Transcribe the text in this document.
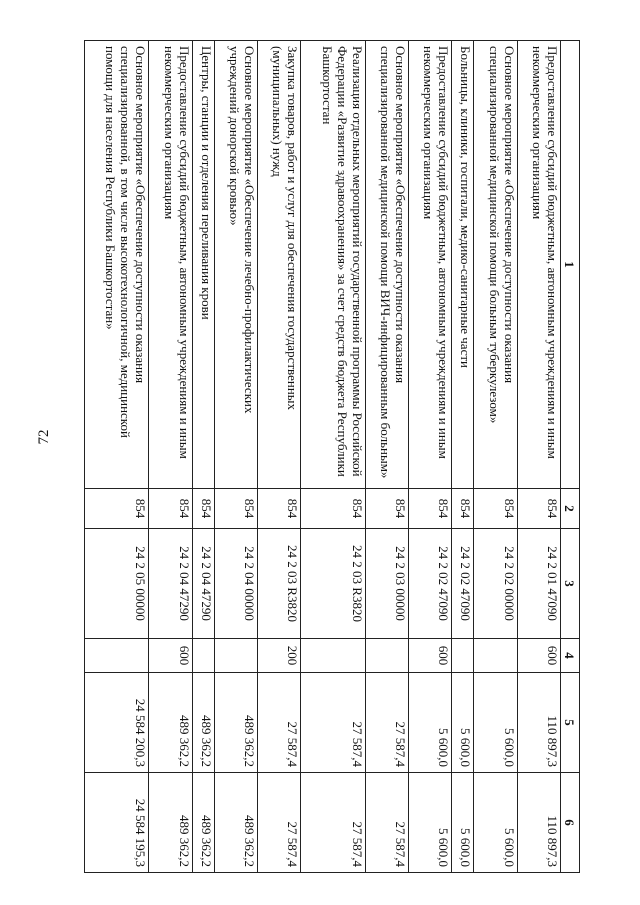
72
1	2	3	4	5	6
Предоставление субсидий бюджетным, автономным учреждениям и иным некоммерческим организациям	854	24 2 01 47090	600	110 897,3	110 897,3
Основное мероприятие «Обеспечение доступности оказания специализированной медицинской помощи больным туберкулезом»	854	24 2 02 00000		5 600,0	5 600,0
Больницы, клиники, госпитали, медико-санитарные части	854	24 2 02 47090		5 600,0	5 600,0
Предоставление субсидий бюджетным, автономным учреждениям и иным некоммерческим организациям	854	24 2 02 47090	600	5 600,0	5 600,0
Основное мероприятие «Обеспечение доступности оказания специализированной медицинской помощи ВИЧ-инфицированным больным»	854	24 2 03 00000		27 587,4	27 587,4
Реализация отдельных мероприятий государственной программы Российской Федерации «Развитие здравоохранения» за счет средств бюджета Республики Башкортостан	854	24 2 03 R3820		27 587,4	27 587,4
Закупка товаров, работ и услуг для обеспечения государственных (муниципальных) нужд	854	24 2 03 R3820	200	27 587,4	27 587,4
Основное мероприятие «Обеспечение лечебно-профилактических учреждений донорской кровью»	854	24 2 04 00000		489 362,2	489 362,2
Центры, станции и отделения переливания крови	854	24 2 04 47290		489 362,2	489 362,2
Предоставление субсидий бюджетным, автономным учреждениям и иным некоммерческим организациям	854	24 2 04 47290	600	489 362,2	489 362,2
Основное мероприятие «Обеспечение доступности оказания специализированной, в том числе высокотехнологичной, медицинской помощи для населения Республики Башкортостан»	854	24 2 05 00000		24 584 200,3	24 584 195,3
